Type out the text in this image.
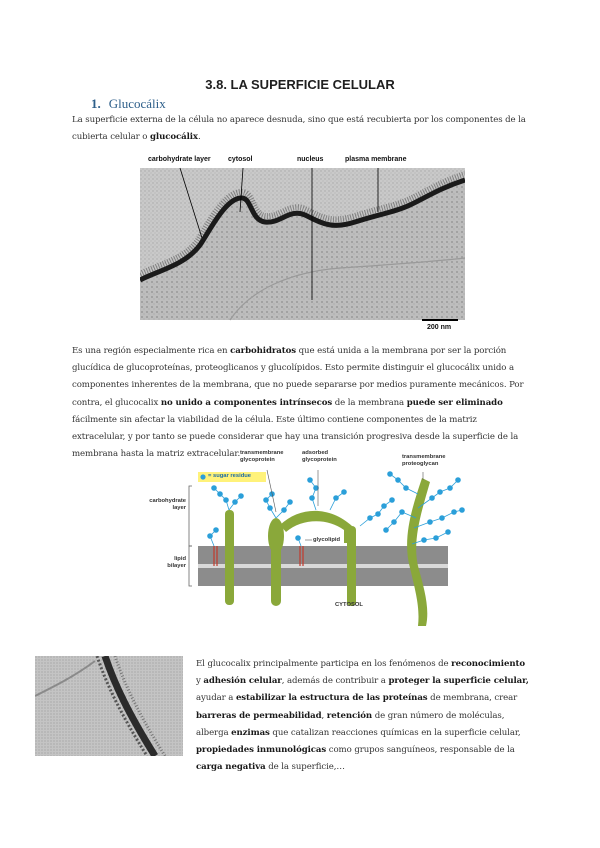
3.8. LA SUPERFICIE CELULAR
1. Glucocálix
La superficie externa de la célula no aparece desnuda, sino que está recubierta por los componentes de la cubierta celular o glucocálix.
carbohydrate layer cytosol	nucleus	plasma membrane
200 nm
Es una región especialmente rica en carbohidratos que está unida a la membrana por ser la porción glucídica de glucoproteínas, proteoglicanos y glucolípidos. Esto permite distinguir el glucocálix unido a componentes inherentes de la membrana, que no puede separarse por medios puramente mecánicos. Por contra, el glucocalix no unido a componentes intrínsecos de la membrana puede ser eliminado fácilmente sin afectar la viabilidad de la célula. Este último contiene componentes de la matriz extracelular, y por tanto se puede considerar que hay una transición progresiva desde la superficie de la membrana hasta la matriz extracelular.
= sugar residue
carbohydrate
layer
lipid
bilayer
transmembrane
glycoprotein
adsorbed
glycoprotein	transmembrane
proteoglycan
glycolipid
CYTOSOL
El glucocalix principalmente participa en los fenómenos de reconocimiento y adhesión celular, además de contribuir a proteger la superficie celular, ayudar a estabilizar la estructura de las proteínas de membrana, crear barreras de permeabilidad, retención de gran número de moléculas, alberga enzimas que catalizan reacciones químicas en la superficie celular, propiedades inmunológicas como grupos sanguíneos, responsable de la carga negativa de la superficie,…
